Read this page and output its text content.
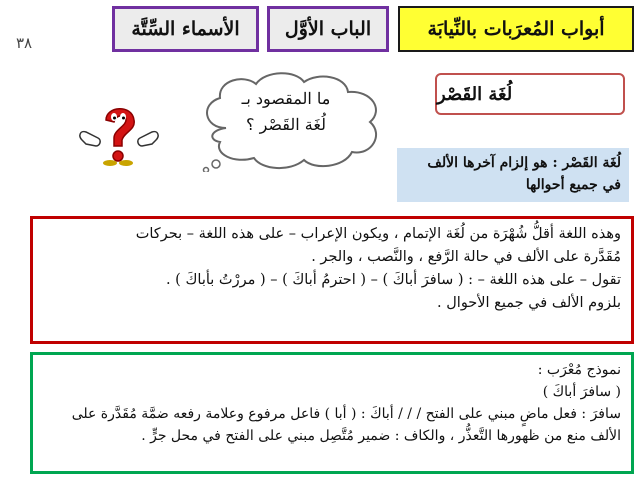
٣٨
أبواب المُعرَبات بالنِّيابَة
الباب الأوَّل
الأسماء السِّتَّة
لُغَة القَصْر
ما المقصود بـ
لُغَة القَصْر ؟
لُغَة القَصْر : هو إلزام آخرها الألف
في جميع أحوالها
وهذه اللغة أقلُّ شُهْرَة من لُغَة الإتمام ، ويكون الإعراب – على هذه اللغة – بحركات
مُقَدَّرة على الألف في حالة الرَّفع ، والنَّصب ، والجر .
تقول – على هذه اللغة – : ( سافرَ أباكَ ) – ( احترمُ أباكَ ) – ( مررْتُ بأباكَ ) .
بلزوم الألف في جميع الأحوال .
نموذج مُعْرَب :
( سافرَ أباكَ )
سافرَ : فعل ماضٍ مبني على الفتح / / / أباكَ : ( أبا ) فاعل مرفوع وعلامة رفعه ضمَّة مُقَدَّرة على
الألف منع من ظهورها التَّعذُّر ، والكاف : ضمير مُتَّصِل مبني على الفتح في محل جرٍّ .
